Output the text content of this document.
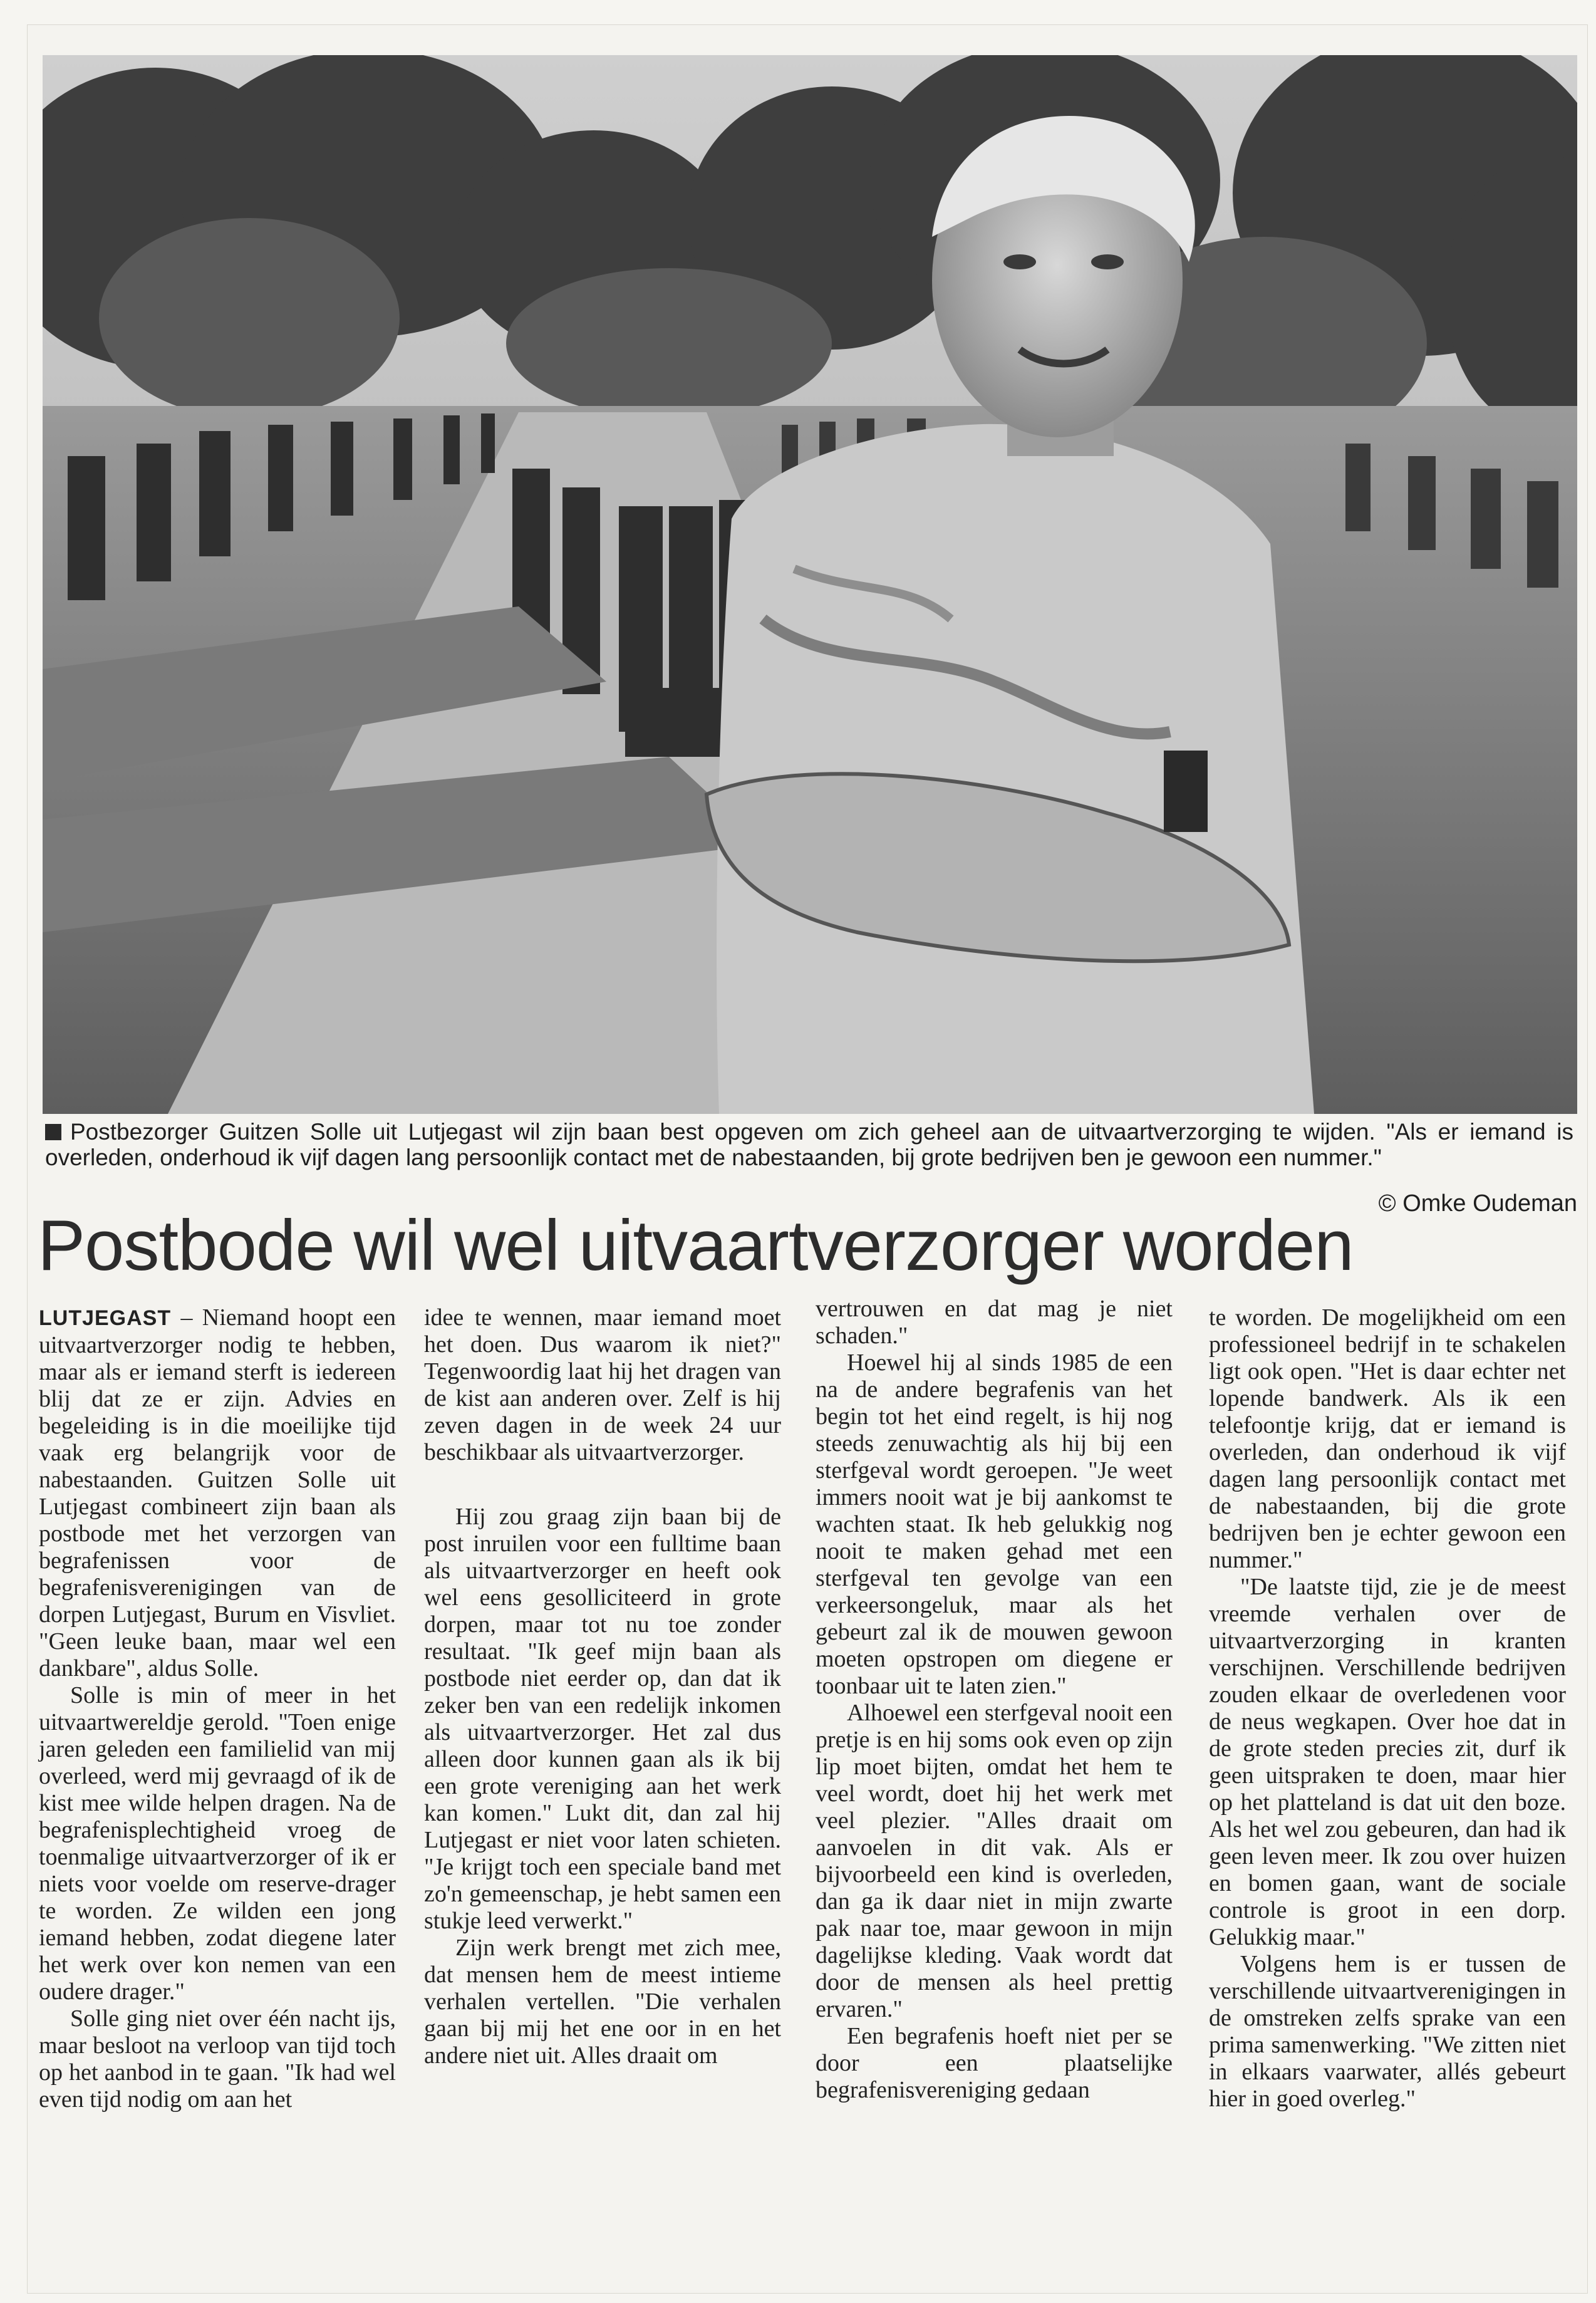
Postbezorger Guitzen Solle uit Lutjegast wil zijn baan best opgeven om zich geheel aan de uitvaartverzorging te wijden. "Als er iemand is overleden, onderhoud ik vijf dagen lang persoonlijk contact met de nabestaanden, bij grote bedrijven ben je gewoon een nummer."
© Omke Oudeman
Postbode wil wel uitvaartverzorger worden

LUTJEGAST – Niemand hoopt een uitvaartverzorger nodig te hebben, maar als er iemand sterft is iedereen blij dat ze er zijn. Advies en begeleiding is in die moeilijke tijd vaak erg belangrijk voor de nabestaanden. Guitzen Solle uit Lutjegast combineert zijn baan als postbode met het verzorgen van begrafenissen voor de begrafenisverenigingen van de dorpen Lutjegast, Burum en Visvliet. "Geen leuke baan, maar wel een dankbare", aldus Solle.

Solle is min of meer in het uitvaartwereldje gerold. "Toen enige jaren geleden een familielid van mij overleed, werd mij gevraagd of ik de kist mee wilde helpen dragen. Na de begrafenisplechtigheid vroeg de toenmalige uitvaartverzorger of ik er niets voor voelde om reserve-drager te worden. Ze wilden een jong iemand hebben, zodat diegene later het werk over kon nemen van een oudere drager."

Solle ging niet over één nacht ijs, maar besloot na verloop van tijd toch op het aanbod in te gaan. "Ik had wel even tijd nodig om aan het

idee te wennen, maar iemand moet het doen. Dus waarom ik niet?" Tegenwoordig laat hij het dragen van de kist aan anderen over. Zelf is hij zeven dagen in de week 24 uur beschikbaar als uitvaartverzorger.

Hij zou graag zijn baan bij de post inruilen voor een fulltime baan als uitvaartverzorger en heeft ook wel eens gesolliciteerd in grote dorpen, maar tot nu toe zonder resultaat. "Ik geef mijn baan als postbode niet eerder op, dan dat ik zeker ben van een redelijk inkomen als uitvaartverzorger. Het zal dus alleen door kunnen gaan als ik bij een grote vereniging aan het werk kan komen." Lukt dit, dan zal hij Lutjegast er niet voor laten schieten. "Je krijgt toch een speciale band met zo'n gemeenschap, je hebt samen een stukje leed verwerkt."

Zijn werk brengt met zich mee, dat mensen hem de meest intieme verhalen vertellen. "Die verhalen gaan bij mij het ene oor in en het andere niet uit. Alles draait om

vertrouwen en dat mag je niet schaden."

Hoewel hij al sinds 1985 de een na de andere begrafenis van het begin tot het eind regelt, is hij nog steeds zenuwachtig als hij bij een sterfgeval wordt geroepen. "Je weet immers nooit wat je bij aankomst te wachten staat. Ik heb gelukkig nog nooit te maken gehad met een sterfgeval ten gevolge van een verkeersongeluk, maar als het gebeurt zal ik de mouwen gewoon moeten opstropen om diegene er toonbaar uit te laten zien."

Alhoewel een sterfgeval nooit een pretje is en hij soms ook even op zijn lip moet bijten, omdat het hem te veel wordt, doet hij het werk met veel plezier. "Alles draait om aanvoelen in dit vak. Als er bijvoorbeeld een kind is overleden, dan ga ik daar niet in mijn zwarte pak naar toe, maar gewoon in mijn dagelijkse kleding. Vaak wordt dat door de mensen als heel prettig ervaren."

Een begrafenis hoeft niet per se door een plaatselijke begrafenisvereniging gedaan

te worden. De mogelijkheid om een professioneel bedrijf in te schakelen ligt ook open. "Het is daar echter net lopende bandwerk. Als ik een telefoontje krijg, dat er iemand is overleden, dan onderhoud ik vijf dagen lang persoonlijk contact met de nabestaanden, bij die grote bedrijven ben je echter gewoon een nummer."

"De laatste tijd, zie je de meest vreemde verhalen over de uitvaartverzorging in kranten verschijnen. Verschillende bedrijven zouden elkaar de overledenen voor de neus wegkapen. Over hoe dat in de grote steden precies zit, durf ik geen uitspraken te doen, maar hier op het platteland is dat uit den boze. Als het wel zou gebeuren, dan had ik geen leven meer. Ik zou over huizen en bomen gaan, want de sociale controle is groot in een dorp. Gelukkig maar."

Volgens hem is er tussen de verschillende uitvaartverenigingen in de omstreken zelfs sprake van een prima samenwerking. "We zitten niet in elkaars vaarwater, allés gebeurt hier in goed overleg."
